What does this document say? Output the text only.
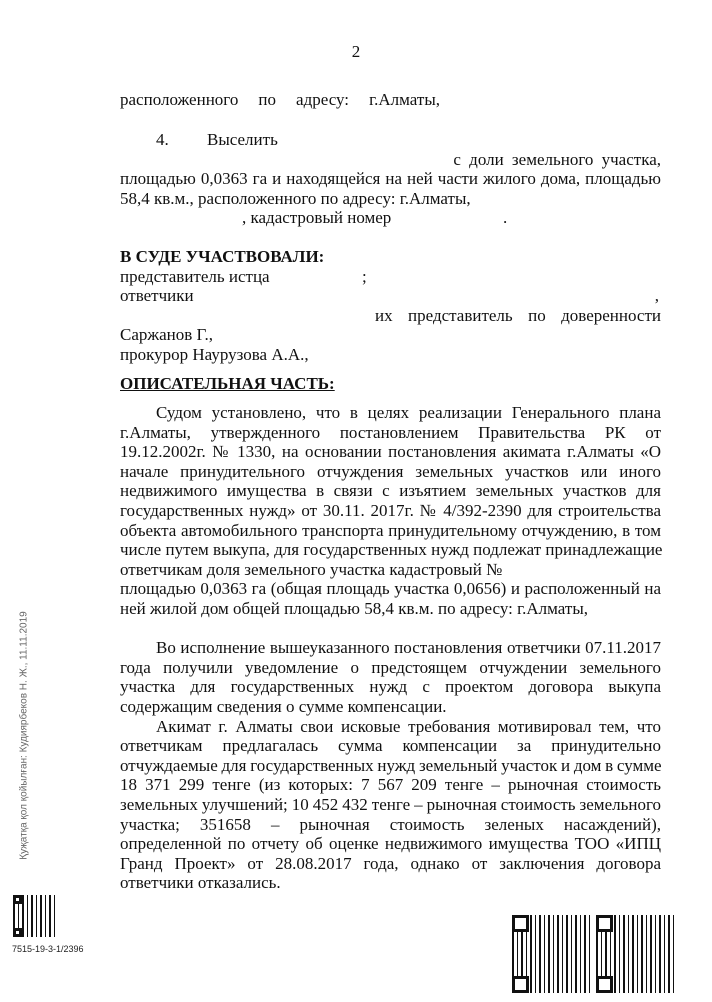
2
расположенного по адресу: г.Алматы,
4. Выселить
с доли земельного участка,
площадью 0,0363 га и находящейся на ней части жилого дома, площадью
58,4 кв.м., расположенного по адресу: г.Алматы,
, кадастровый номер	.
В СУДЕ УЧАСТВОВАЛИ:
представитель истца	;
ответчики	,
их представитель по доверенности
Саржанов Г.,
прокурор Наурузова А.А.,
ОПИСАТЕЛЬНАЯ ЧАСТЬ:
Судом установлено, что в целях реализации Генерального плана
г.Алматы, утвержденного постановлением Правительства РК от
19.12.2002г. № 1330, на основании постановления акимата г.Алматы «О
начале принудительного отчуждения земельных участков или иного
недвижимого имущества в связи с изъятием земельных участков для
государственных нужд» от 30.11. 2017г. № 4/392-2390 для строительства
объекта автомобильного транспорта принудительному отчуждению, в том
числе путем выкупа, для государственных нужд подлежат принадлежащие
ответчикам доля земельного участка кадастровый №
площадью 0,0363 га (общая площадь участка 0,0656) и расположенный на
ней жилой дом общей площадью 58,4 кв.м. по адресу: г.Алматы,
Во исполнение вышеуказанного постановления ответчики 07.11.2017
года получили уведомление о предстоящем отчуждении земельного
участка для государственных нужд с проектом договора выкупа
содержащим сведения о сумме компенсации.
Акимат г. Алматы свои исковые требования мотивировал тем, что
ответчикам предлагалась сумма компенсации за принудительно
отчуждаемые для государственных нужд земельный участок и дом в сумме
18 371 299 тенге (из которых: 7 567 209 тенге – рыночная стоимость
земельных улучшений; 10 452 432 тенге – рыночная стоимость земельного
участка; 351658 – рыночная стоимость зеленых насаждений),
определенной по отчету об оценке недвижимого имущества ТОО «ИПЦ
Гранд Проект» от 28.08.2017 года, однако от заключения договора
ответчики отказались.
Қуҗатқа қол қойылған: Кудиярбеков Н. Ж., 11.11.2019
7515-19-3-1/2396
